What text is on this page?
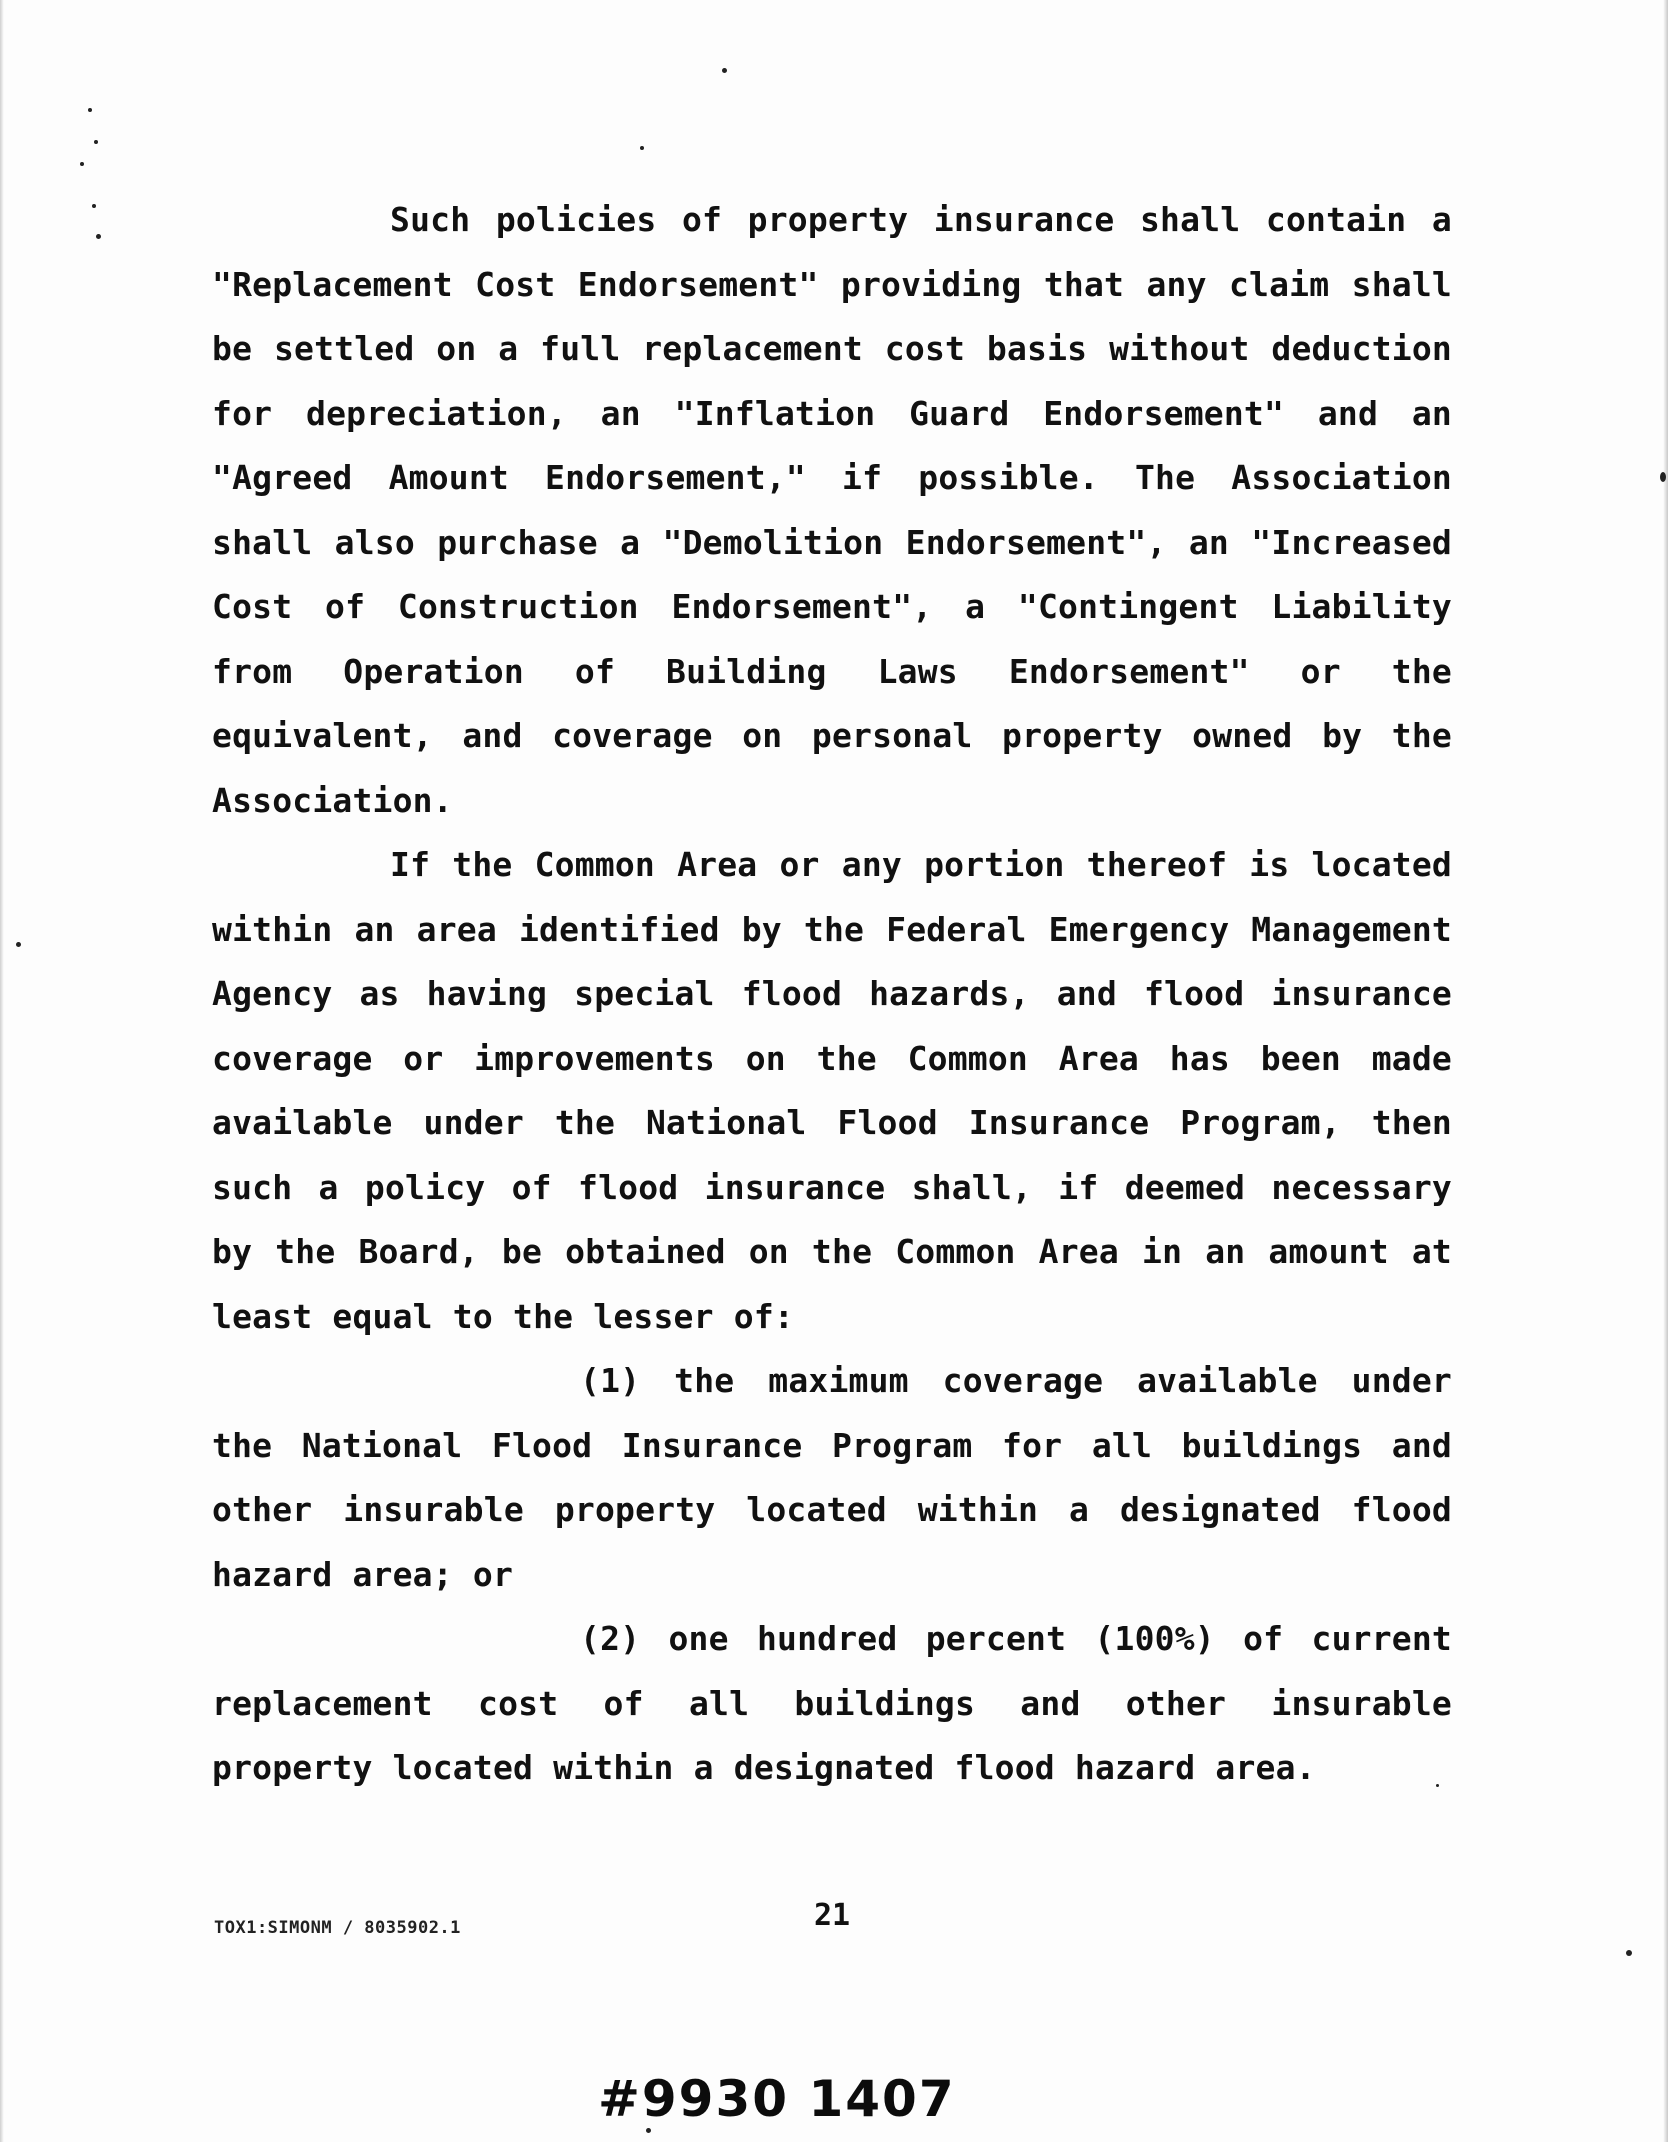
Such policies of property insurance shall contain a "Replacement Cost Endorsement" providing that any claim shall be settled on a full replacement cost basis without deduction for depreciation, an "Inflation Guard Endorsement" and an "Agreed Amount Endorsement," if possible. The Association shall also purchase a "Demolition Endorsement", an "Increased Cost of Construction Endorsement", a "Contingent Liability from Operation of Building Laws Endorsement" or the equivalent, and coverage on personal property owned by the Association.

If the Common Area or any portion thereof is located within an area identified by the Federal Emergency Management Agency as having special flood hazards, and flood insurance coverage or improvements on the Common Area has been made available under the National Flood Insurance Program, then such a policy of flood insurance shall, if deemed necessary by the Board, be obtained on the Common Area in an amount at least equal to the lesser of:

(1) the maximum coverage available under the National Flood Insurance Program for all buildings and other insurable property located within a designated flood hazard area; or

(2) one hundred percent (100%) of current replacement cost of all buildings and other insurable property located within a designated flood hazard area.

TOX1:SIMONM / 8035902.1	21
#9930 1407
